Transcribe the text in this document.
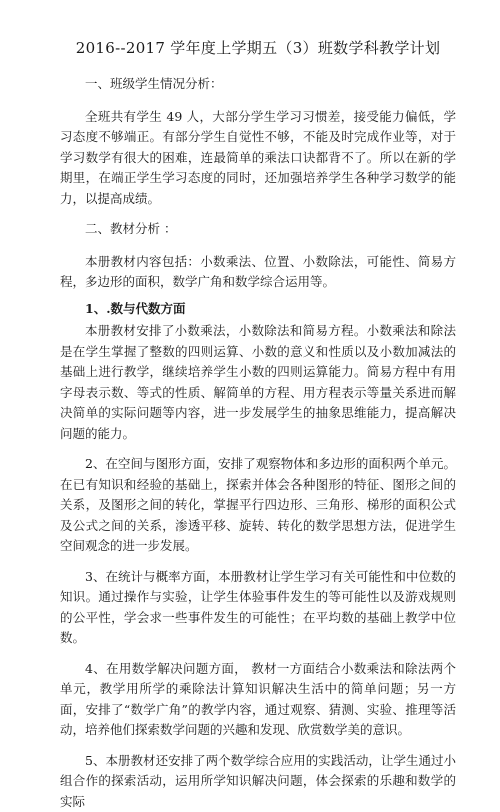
2016--2017 学年度上学期五（3）班数学科教学计划

一、班级学生情况分析：

全班共有学生 49 人，大部分学生学习习惯差，接受能力偏低，学习态度不够端正。有部分学生自觉性不够，不能及时完成作业等，对于学习数学有很大的困难，连最简单的乘法口诀都背不了。所以在新的学期里，在端正学生学习态度的同时，还加强培养学生各种学习数学的能力，以提高成绩。

二、教材分析 ：

本册教材内容包括：小数乘法、位置、小数除法，可能性、简易方程，多边形的面积，数学广角和数学综合运用等。

1、.数与代数方面

本册教材安排了小数乘法，小数除法和简易方程。小数乘法和除法是在学生掌握了整数的四则运算、小数的意义和性质以及小数加减法的基础上进行教学，继续培养学生小数的四则运算能力。简易方程中有用字母表示数、等式的性质、解简单的方程、用方程表示等量关系进而解决简单的实际问题等内容，进一步发展学生的抽象思维能力，提高解决问题的能力。

2、在空间与图形方面，安排了观察物体和多边形的面积两个单元。在已有知识和经验的基础上，探索并体会各种图形的特征、图形之间的关系，及图形之间的转化，掌握平行四边形、三角形、梯形的面积公式及公式之间的关系，渗透平移、旋转、转化的数学思想方法，促进学生空间观念的进一步发展。

3、在统计与概率方面，本册教材让学生学习有关可能性和中位数的知识。通过操作与实验，让学生体验事件发生的等可能性以及游戏规则的公平性，学会求一些事件发生的可能性；在平均数的基础上教学中位数。

4、在用数学解决问题方面， 教材一方面结合小数乘法和除法两个单元，教学用所学的乘除法计算知识解决生活中的简单问题；另一方面，安排了“数学广角”的教学内容，通过观察、猜测、实验、推理等活动，培养他们探索数学问题的兴趣和发现、欣赏数学美的意识。

5、本册教材还安排了两个数学综合应用的实践活动，让学生通过小组合作的探索活动，运用所学知识解决问题，体会探索的乐趣和数学的实际
